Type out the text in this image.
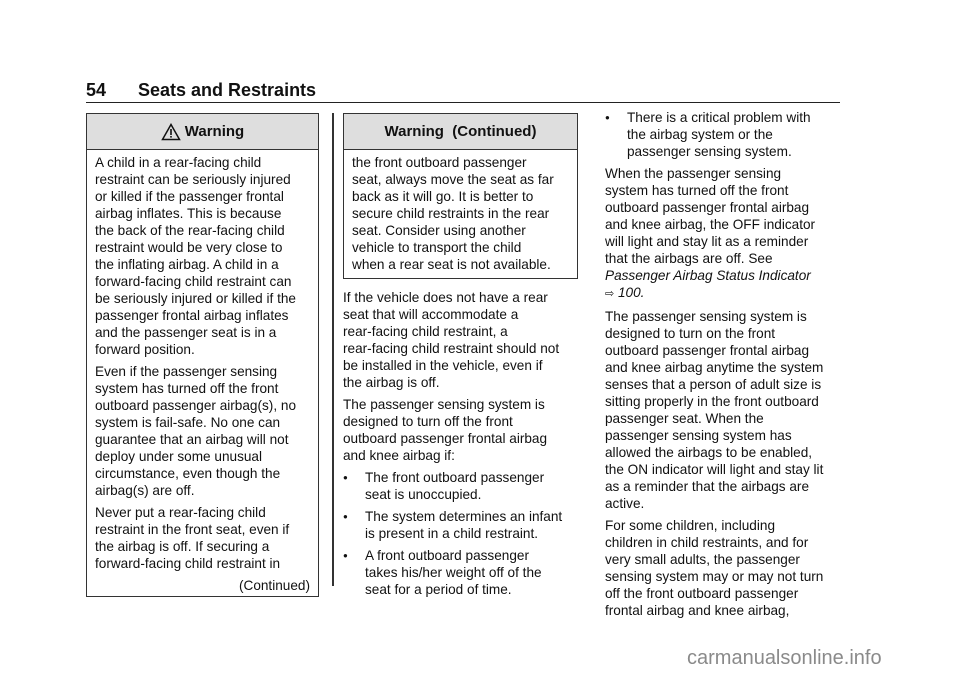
54 Seats and Restraints
Warning
A child in a rear-facing child
restraint can be seriously injured
or killed if the passenger frontal
airbag inflates. This is because
the back of the rear-facing child
restraint would be very close to
the inflating airbag. A child in a
forward-facing child restraint can
be seriously injured or killed if the
passenger frontal airbag inflates
and the passenger seat is in a
forward position.
Even if the passenger sensing
system has turned off the front
outboard passenger airbag(s), no
system is fail-safe. No one can
guarantee that an airbag will not
deploy under some unusual
circumstance, even though the
airbag(s) are off.
Never put a rear-facing child
restraint in the front seat, even if
the airbag is off. If securing a
forward-facing child restraint in
(Continued)
Warning  (Continued)
the front outboard passenger
seat, always move the seat as far
back as it will go. It is better to
secure child restraints in the rear
seat. Consider using another
vehicle to transport the child
when a rear seat is not available.
If the vehicle does not have a rear
seat that will accommodate a
rear-facing child restraint, a
rear-facing child restraint should not
be installed in the vehicle, even if
the airbag is off.
The passenger sensing system is
designed to turn off the front
outboard passenger frontal airbag
and knee airbag if:
●	The front outboard passenger
seat is unoccupied.
●	The system determines an infant
is present in a child restraint.
●	A front outboard passenger
takes his/her weight off of the
seat for a period of time.
●	There is a critical problem with
the airbag system or the
passenger sensing system.
When the passenger sensing
system has turned off the front
outboard passenger frontal airbag
and knee airbag, the OFF indicator
will light and stay lit as a reminder
that the airbags are off. See
Passenger Airbag Status Indicator
⇨ 100.
The passenger sensing system is
designed to turn on the front
outboard passenger frontal airbag
and knee airbag anytime the system
senses that a person of adult size is
sitting properly in the front outboard
passenger seat. When the
passenger sensing system has
allowed the airbags to be enabled,
the ON indicator will light and stay lit
as a reminder that the airbags are
active.
For some children, including
children in child restraints, and for
very small adults, the passenger
sensing system may or may not turn
off the front outboard passenger
frontal airbag and knee airbag,
carmanualsonline.info
